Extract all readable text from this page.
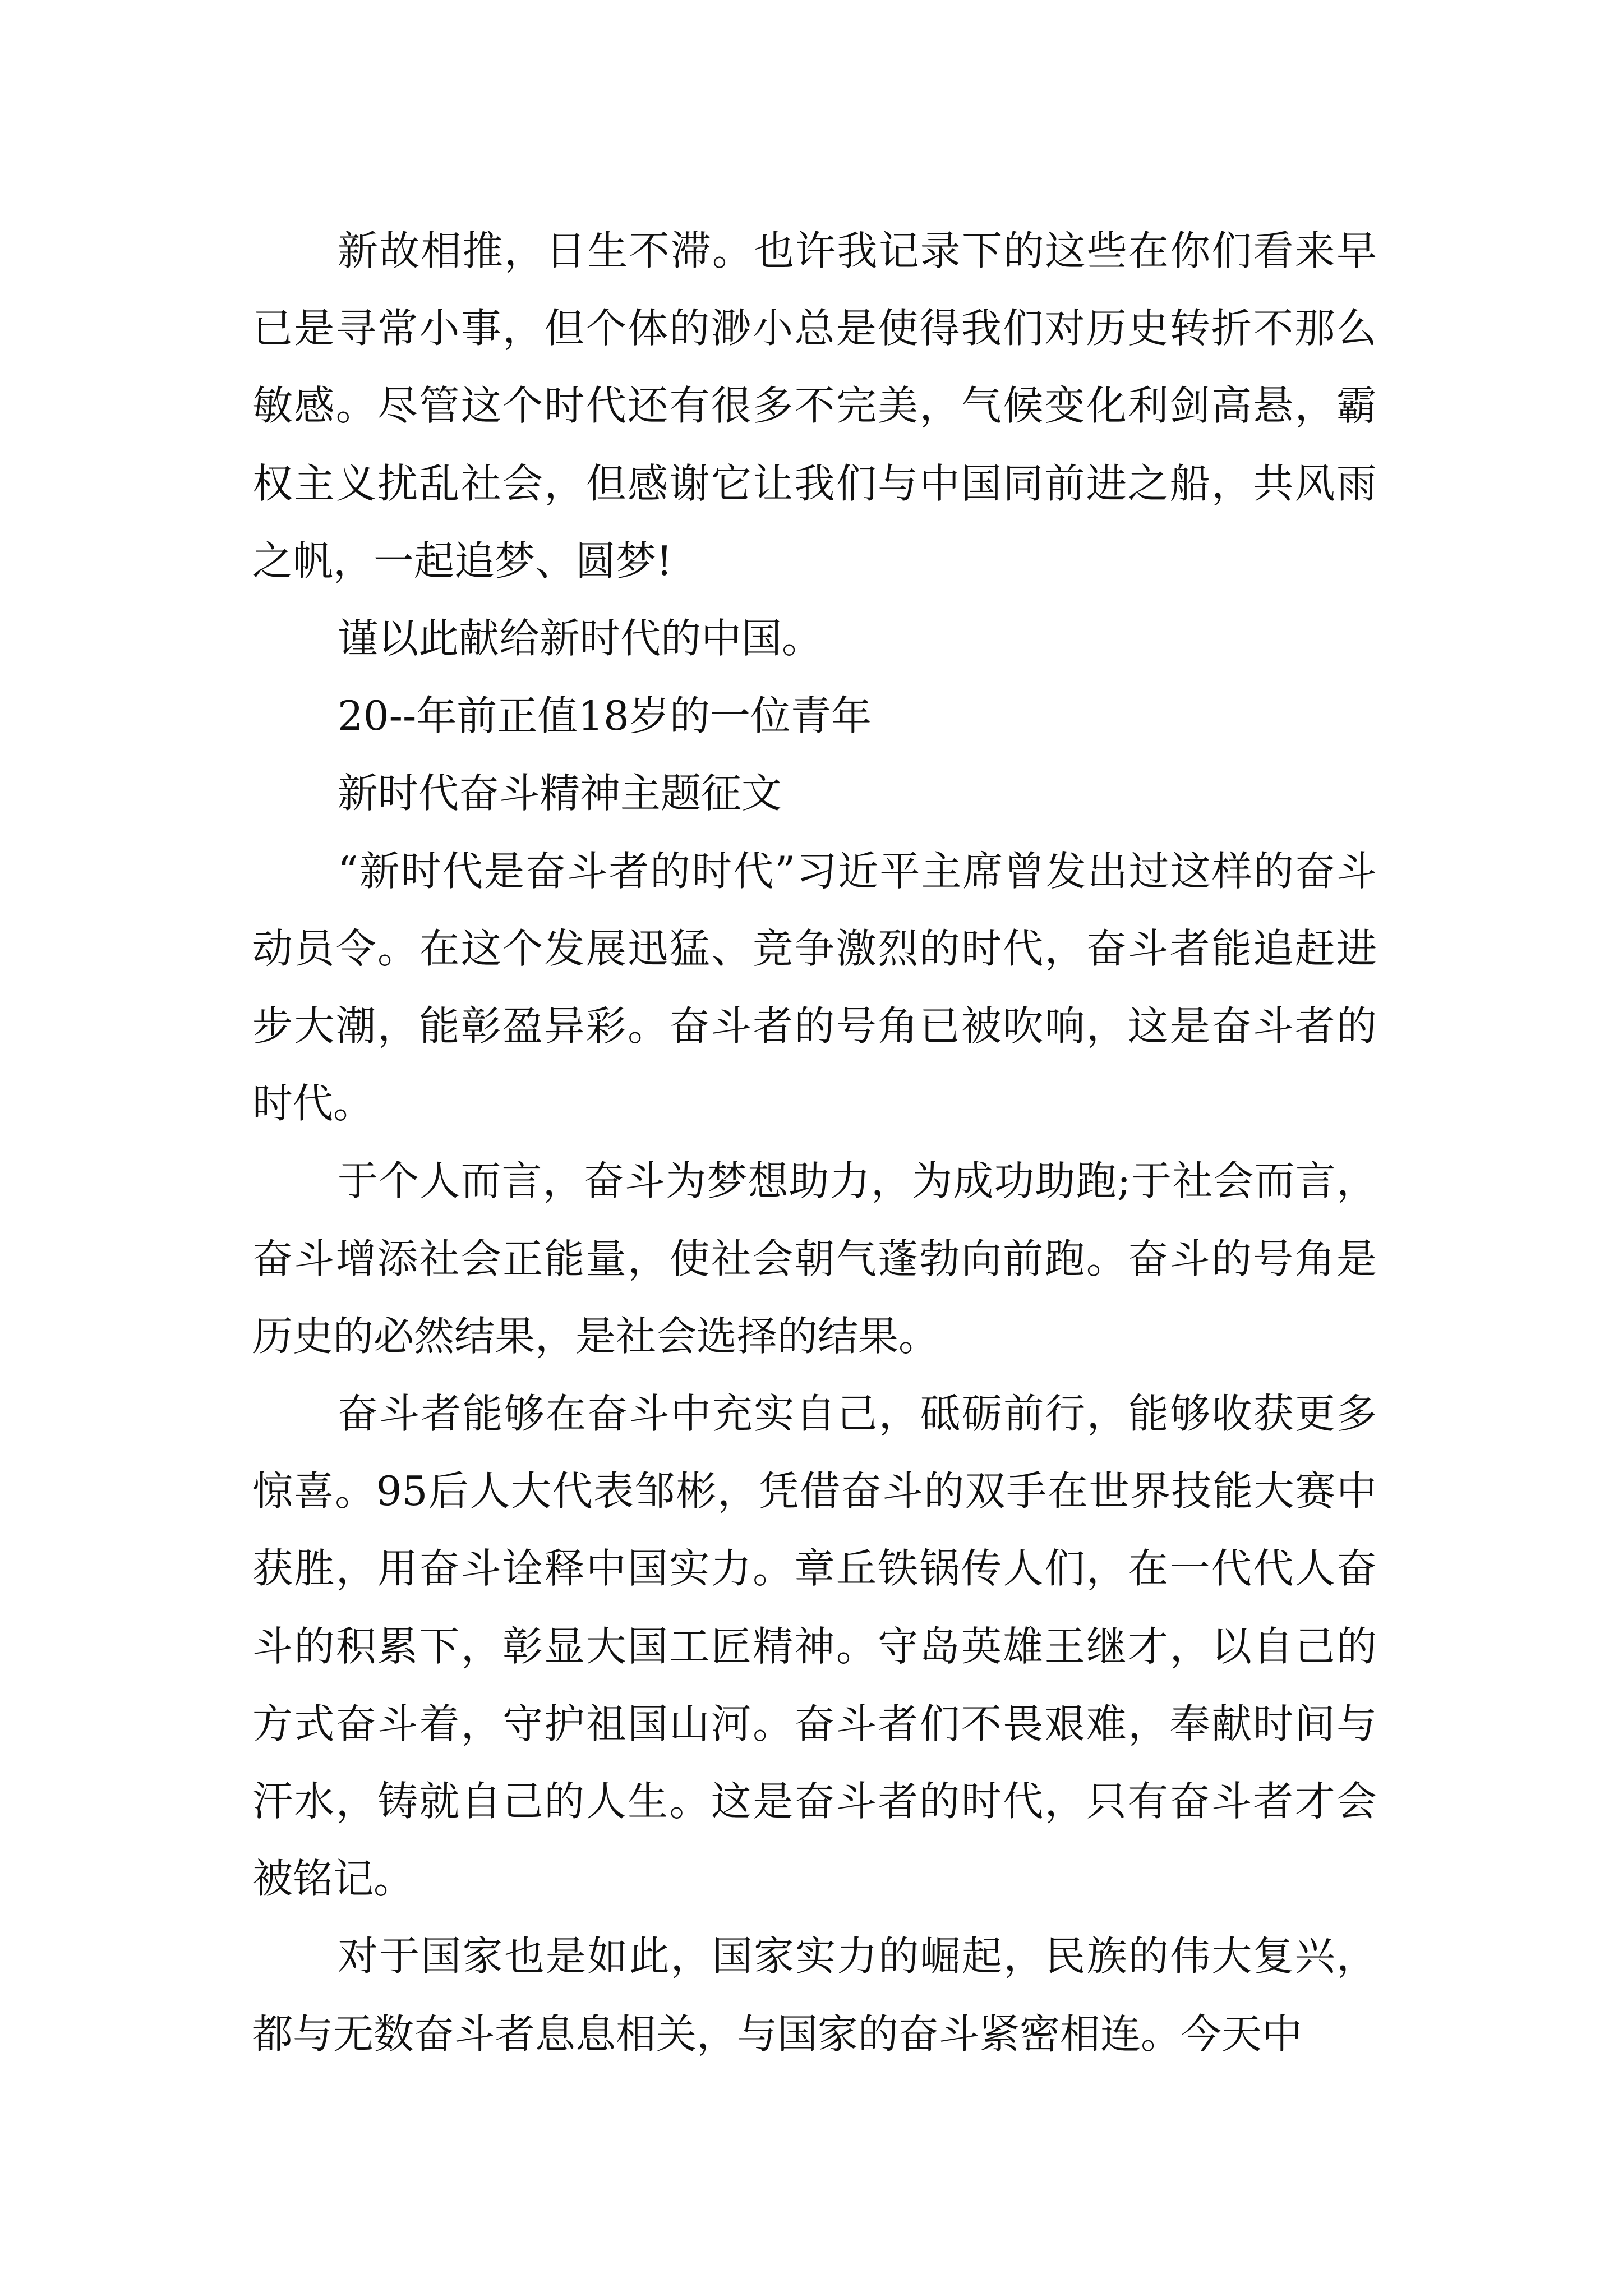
新故相推，日生不滞。也许我记录下的这些在你们看来早已是寻常小事，但个体的渺小总是使得我们对历史转折不那么敏感。尽管这个时代还有很多不完美，气候变化利剑高悬，霸权主义扰乱社会，但感谢它让我们与中国同前进之船，共风雨之帆，一起追梦、圆梦!

谨以此献给新时代的中国。

20--年前正值18岁的一位青年

新时代奋斗精神主题征文

“新时代是奋斗者的时代”习近平主席曾发出过这样的奋斗动员令。在这个发展迅猛、竞争激烈的时代，奋斗者能追赶进步大潮，能彰盈异彩。奋斗者的号角已被吹响，这是奋斗者的时代。

于个人而言，奋斗为梦想助力，为成功助跑;于社会而言，奋斗增添社会正能量，使社会朝气蓬勃向前跑。奋斗的号角是历史的必然结果，是社会选择的结果。

奋斗者能够在奋斗中充实自己，砥砺前行，能够收获更多惊喜。95后人大代表邹彬，凭借奋斗的双手在世界技能大赛中获胜，用奋斗诠释中国实力。章丘铁锅传人们，在一代代人奋斗的积累下，彰显大国工匠精神。守岛英雄王继才，以自己的方式奋斗着，守护祖国山河。奋斗者们不畏艰难，奉献时间与汗水，铸就自己的人生。这是奋斗者的时代，只有奋斗者才会被铭记。

对于国家也是如此，国家实力的崛起，民族的伟大复兴，都与无数奋斗者息息相关，与国家的奋斗紧密相连。今天中
